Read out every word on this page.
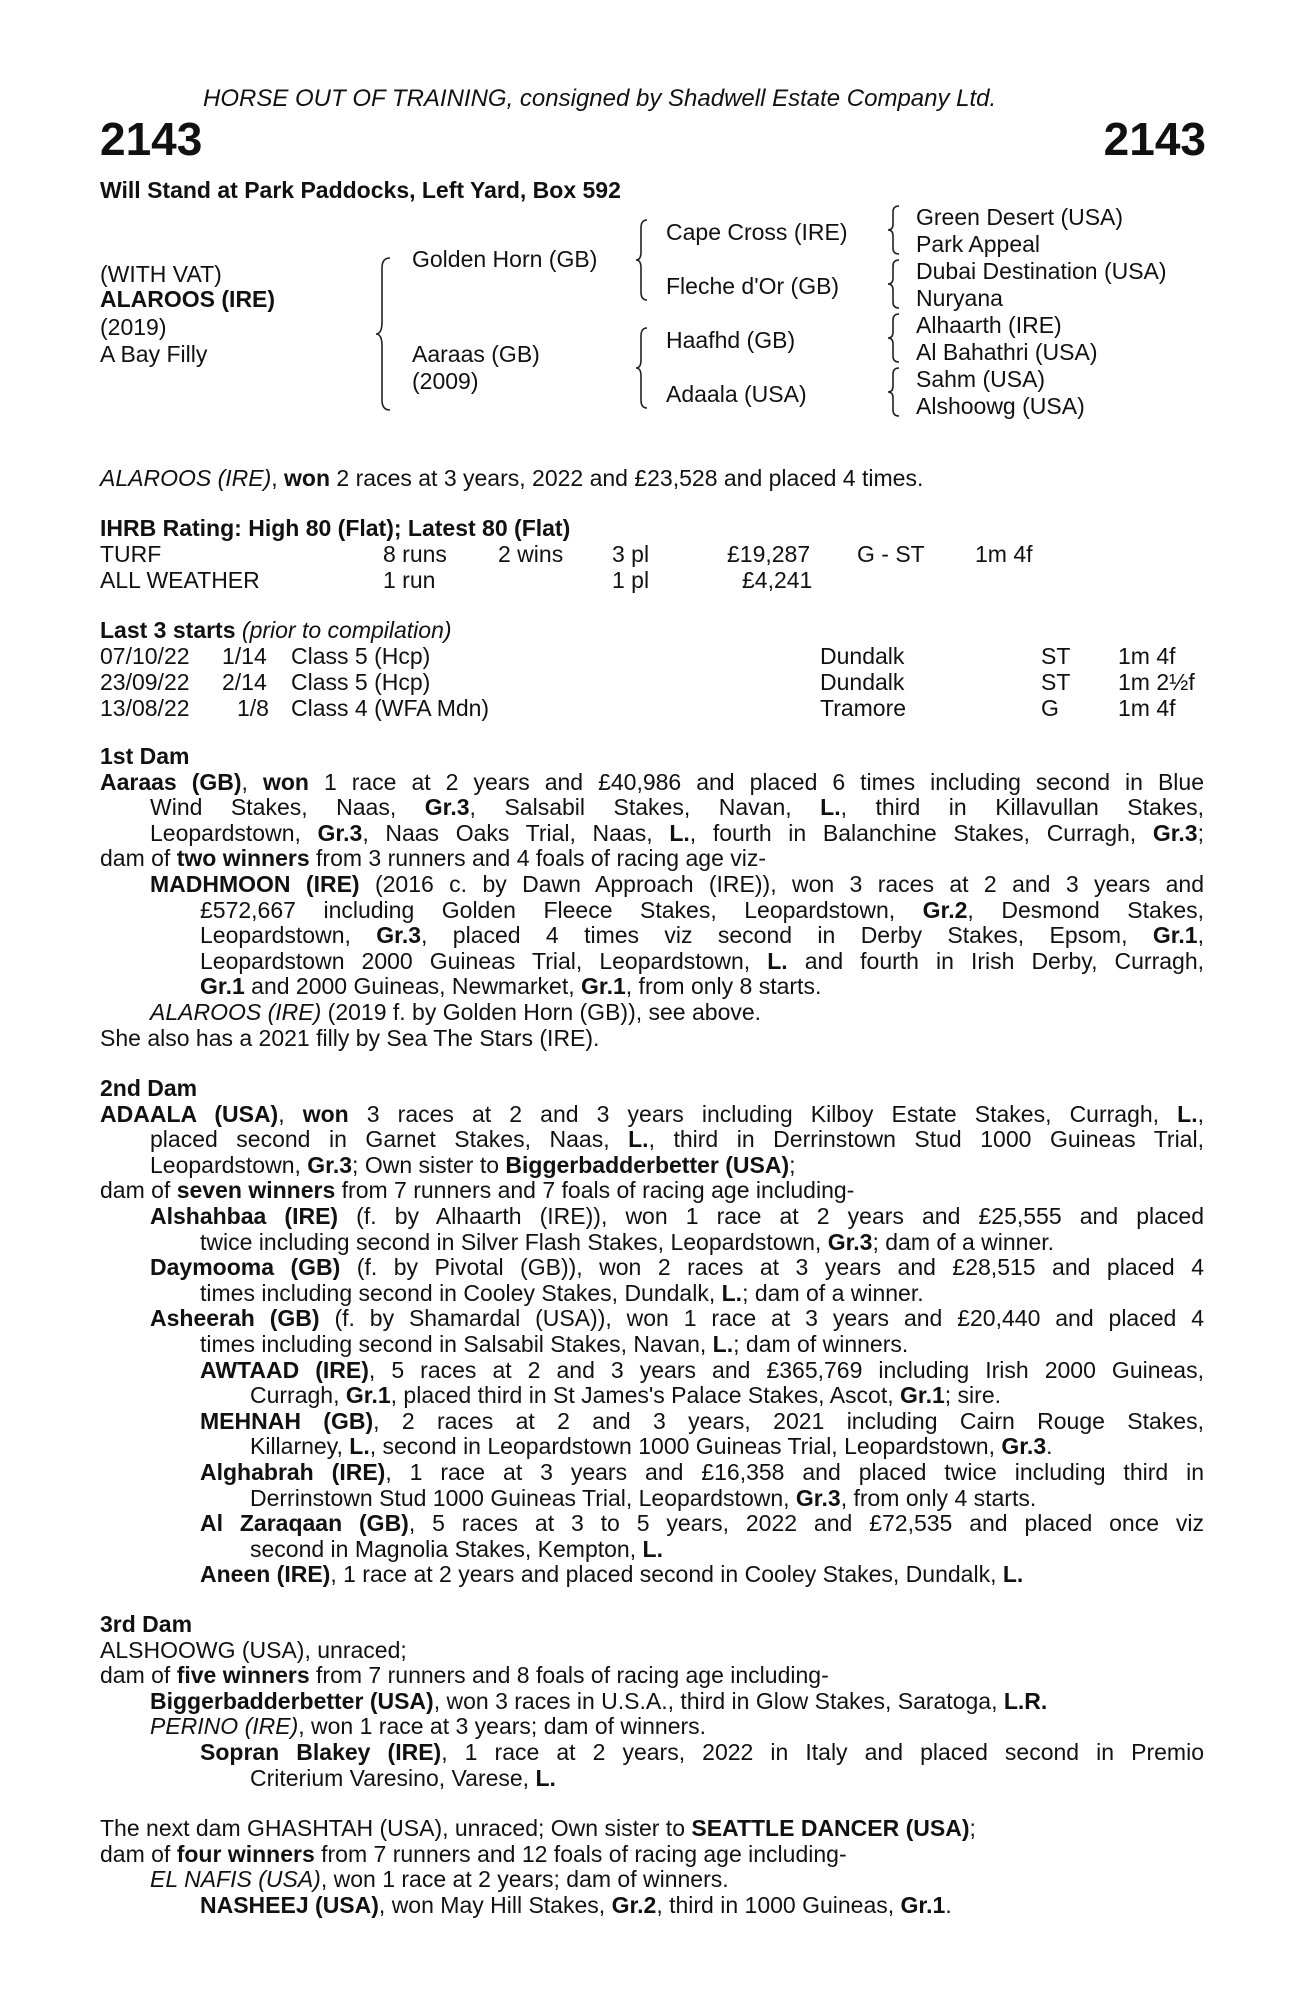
HORSE OUT OF TRAINING, consigned by Shadwell Estate Company Ltd.
2143	2143
Will Stand at Park Paddocks, Left Yard, Box 592
(WITH VAT)
ALAROOS (IRE)
(2019)
A Bay Filly
Golden Horn (GB)
Aaraas (GB)
(2009)
Cape Cross (IRE)
Fleche d'Or (GB)
Haafhd (GB)
Adaala (USA)
Green Desert (USA)
Park Appeal
Dubai Destination (USA)
Nuryana
Alhaarth (IRE)
Al Bahathri (USA)
Sahm (USA)
Alshoowg (USA)
ALAROOS (IRE), won 2 races at 3 years, 2022 and £23,528 and placed 4 times.
IHRB Rating: High 80 (Flat); Latest 80 (Flat)
TURF	8 runs 2 wins 3 pl	£19,287 G - ST 1m 4f
ALL WEATHER	1 run	1 pl	£4,241
Last 3 starts (prior to compilation)
07/10/22 1/14 Class 5 (Hcp)	Dundalk	ST 1m 4f
23/09/22 2/14 Class 5 (Hcp)	Dundalk	ST 1m 2½f
13/08/22 1/8 Class 4 (WFA Mdn)	Tramore	G	1m 4f
1st Dam
Aaraas (GB), won 1 race at 2 years and £40,986 and placed 6 times including second in Blue
Wind Stakes, Naas, Gr.3, Salsabil Stakes, Navan, L., third in Killavullan Stakes,
Leopardstown, Gr.3, Naas Oaks Trial, Naas, L., fourth in Balanchine Stakes, Curragh, Gr.3;
dam of two winners from 3 runners and 4 foals of racing age viz-
MADHMOON (IRE) (2016 c. by Dawn Approach (IRE)), won 3 races at 2 and 3 years and
£572,667 including Golden Fleece Stakes, Leopardstown, Gr.2, Desmond Stakes,
Leopardstown, Gr.3, placed 4 times viz second in Derby Stakes, Epsom, Gr.1,
Leopardstown 2000 Guineas Trial, Leopardstown, L. and fourth in Irish Derby, Curragh,
Gr.1 and 2000 Guineas, Newmarket, Gr.1, from only 8 starts.
ALAROOS (IRE) (2019 f. by Golden Horn (GB)), see above.
She also has a 2021 filly by Sea The Stars (IRE).
2nd Dam
ADAALA (USA), won 3 races at 2 and 3 years including Kilboy Estate Stakes, Curragh, L.,
placed second in Garnet Stakes, Naas, L., third in Derrinstown Stud 1000 Guineas Trial,
Leopardstown, Gr.3; Own sister to Biggerbadderbetter (USA);
dam of seven winners from 7 runners and 7 foals of racing age including-
Alshahbaa (IRE) (f. by Alhaarth (IRE)), won 1 race at 2 years and £25,555 and placed
twice including second in Silver Flash Stakes, Leopardstown, Gr.3; dam of a winner.
Daymooma (GB) (f. by Pivotal (GB)), won 2 races at 3 years and £28,515 and placed 4
times including second in Cooley Stakes, Dundalk, L.; dam of a winner.
Asheerah (GB) (f. by Shamardal (USA)), won 1 race at 3 years and £20,440 and placed 4
times including second in Salsabil Stakes, Navan, L.; dam of winners.
AWTAAD (IRE), 5 races at 2 and 3 years and £365,769 including Irish 2000 Guineas,
Curragh, Gr.1, placed third in St James's Palace Stakes, Ascot, Gr.1; sire.
MEHNAH (GB), 2 races at 2 and 3 years, 2021 including Cairn Rouge Stakes,
Killarney, L., second in Leopardstown 1000 Guineas Trial, Leopardstown, Gr.3.
Alghabrah (IRE), 1 race at 3 years and £16,358 and placed twice including third in
Derrinstown Stud 1000 Guineas Trial, Leopardstown, Gr.3, from only 4 starts.
Al Zaraqaan (GB), 5 races at 3 to 5 years, 2022 and £72,535 and placed once viz
second in Magnolia Stakes, Kempton, L.
Aneen (IRE), 1 race at 2 years and placed second in Cooley Stakes, Dundalk, L.
3rd Dam
ALSHOOWG (USA), unraced;
dam of five winners from 7 runners and 8 foals of racing age including-
Biggerbadderbetter (USA), won 3 races in U.S.A., third in Glow Stakes, Saratoga, L.R.
PERINO (IRE), won 1 race at 3 years; dam of winners.
Sopran Blakey (IRE), 1 race at 2 years, 2022 in Italy and placed second in Premio
Criterium Varesino, Varese, L.
The next dam GHASHTAH (USA), unraced; Own sister to SEATTLE DANCER (USA);
dam of four winners from 7 runners and 12 foals of racing age including-
EL NAFIS (USA), won 1 race at 2 years; dam of winners.
NASHEEJ (USA), won May Hill Stakes, Gr.2, third in 1000 Guineas, Gr.1.
